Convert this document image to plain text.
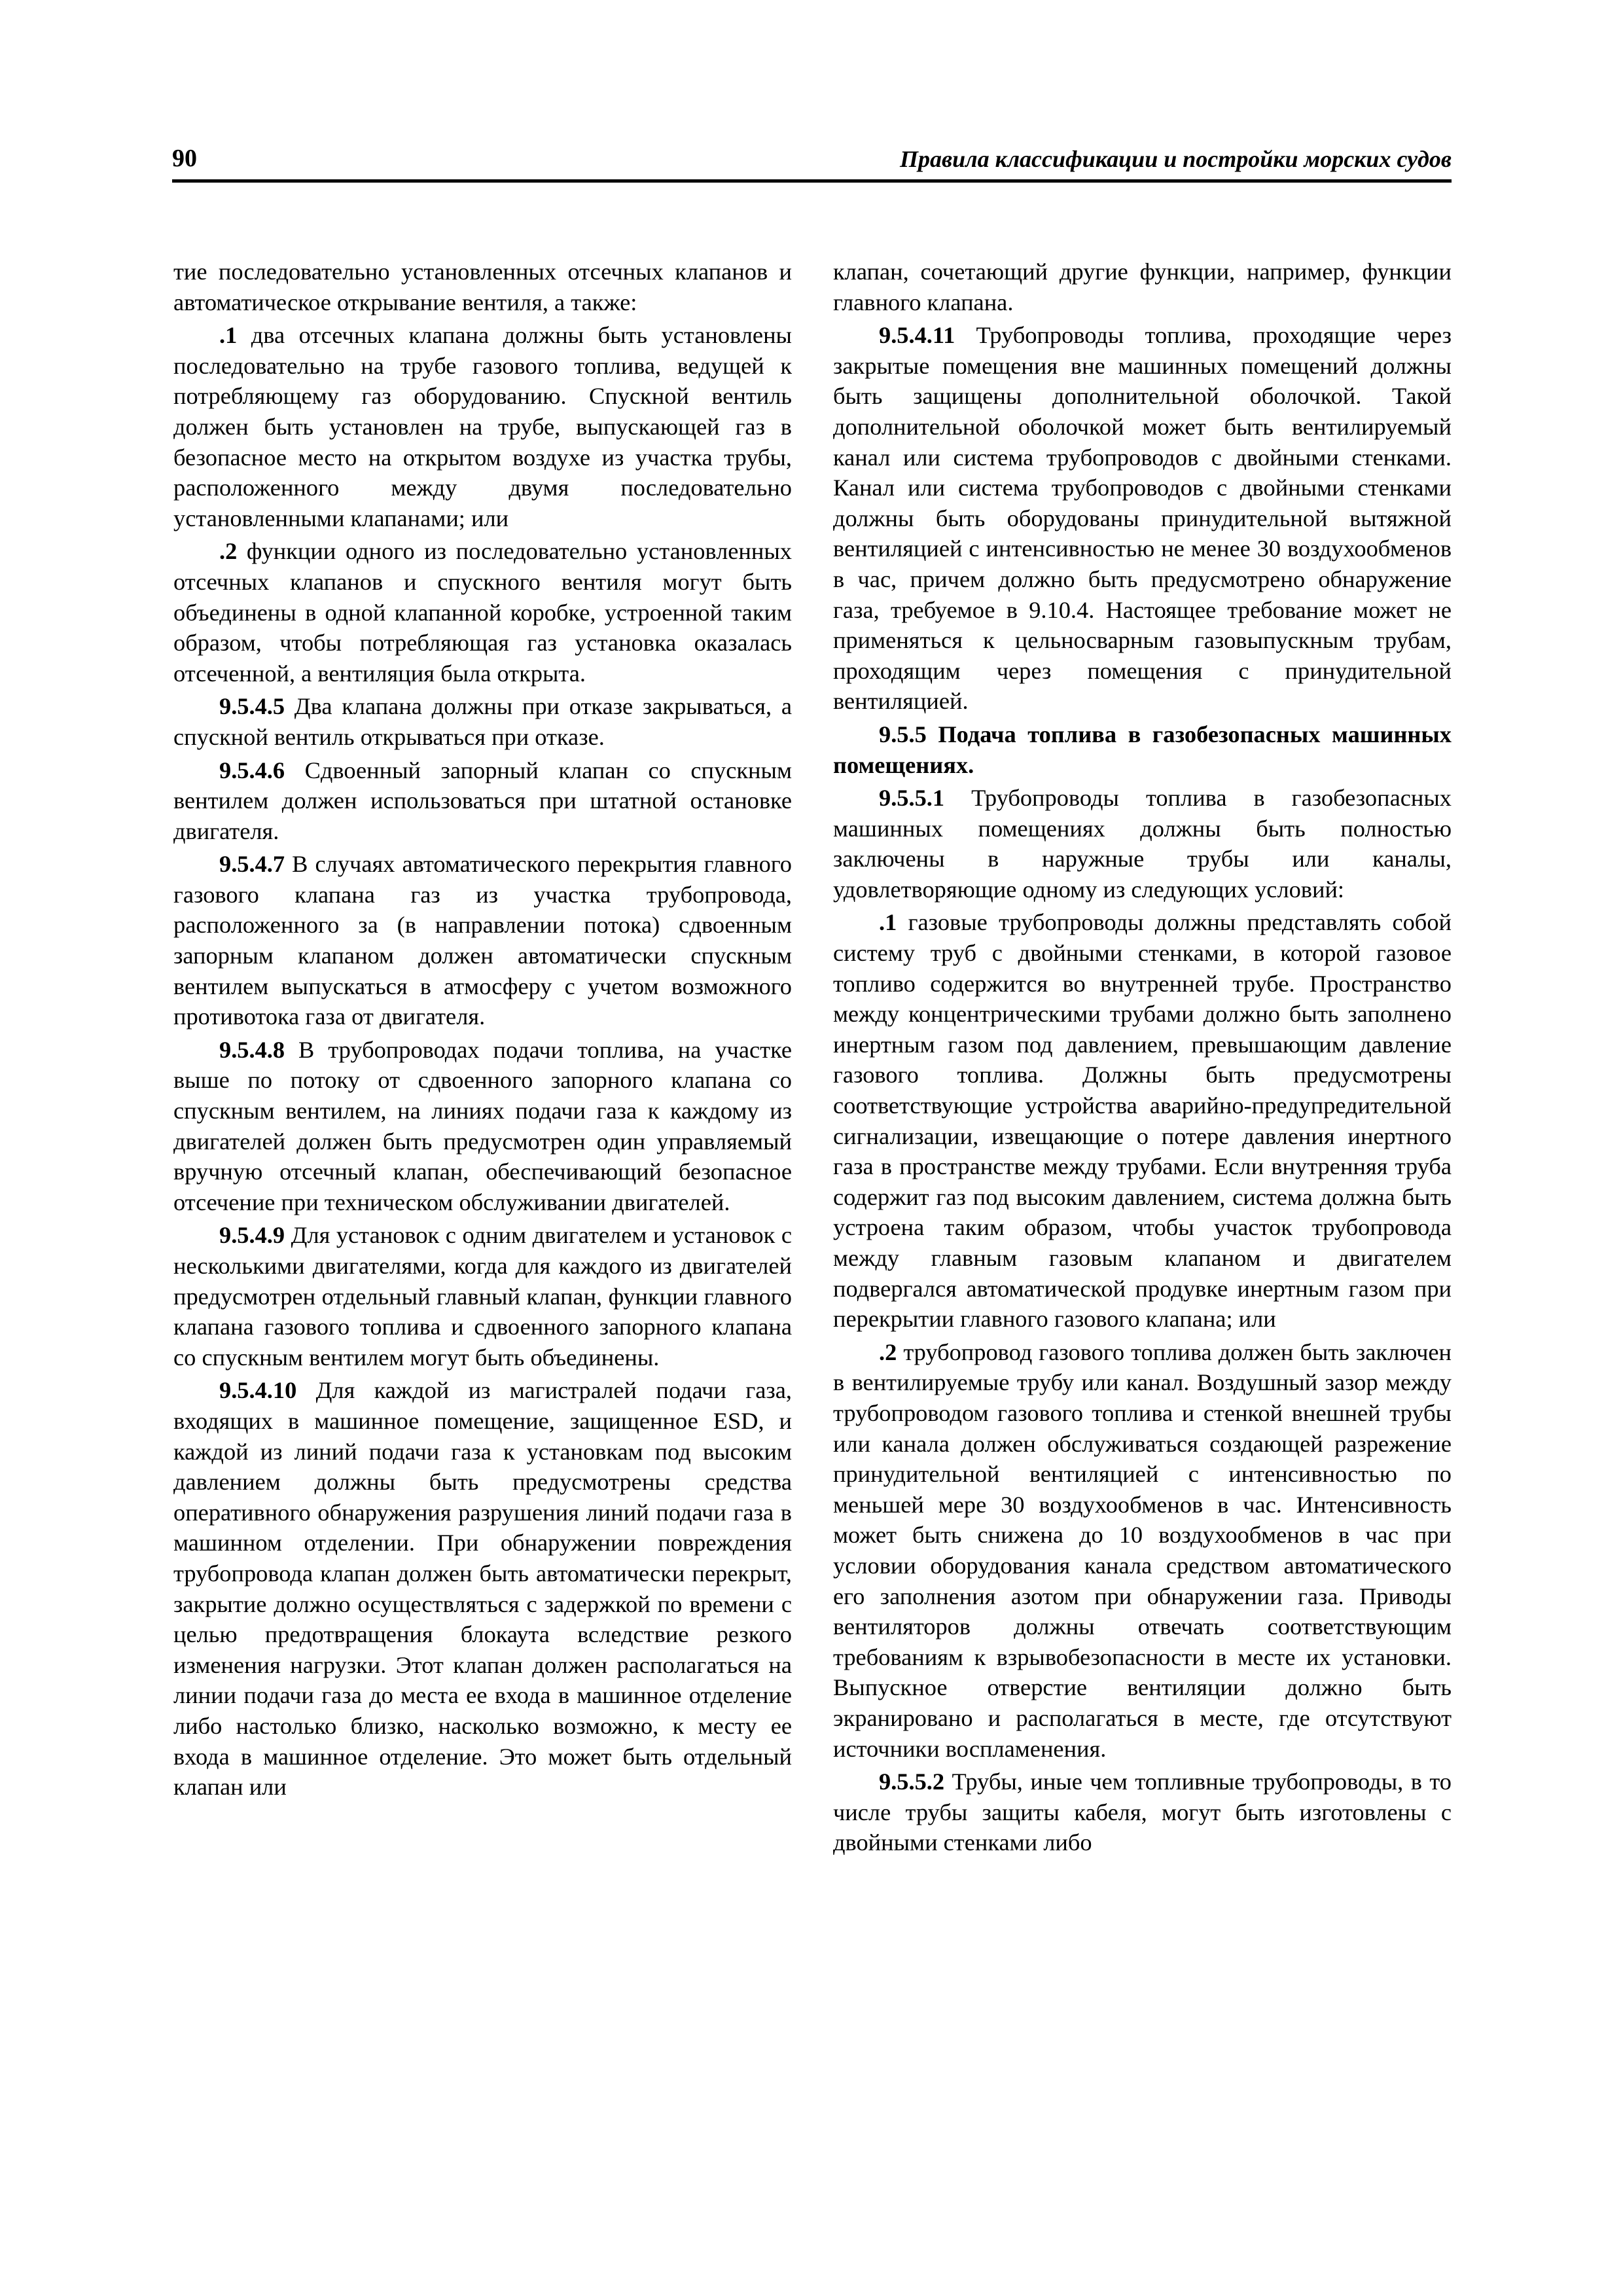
90	Правила классификации и постройки морских судов

тие последовательно установленных отсечных клапанов и автоматическое открывание вентиля, а также:

.1 два отсечных клапана должны быть установлены последовательно на трубе газового топлива, ведущей к потребляющему газ оборудованию. Спускной вентиль должен быть установлен на трубе, выпускающей газ в безопасное место на открытом воздухе из участка трубы, расположенного между двумя последовательно установленными клапанами; или

.2 функции одного из последовательно установленных отсечных клапанов и спускного вентиля могут быть объединены в одной клапанной коробке, устроенной таким образом, чтобы потребляющая газ установка оказалась отсеченной, а вентиляция была открыта.

9.5.4.5 Два клапана должны при отказе закрываться, а спускной вентиль открываться при отказе.

9.5.4.6 Сдвоенный запорный клапан со спускным вентилем должен использоваться при штатной остановке двигателя.

9.5.4.7 В случаях автоматического перекрытия главного газового клапана газ из участка трубопровода, расположенного за (в направлении потока) сдвоенным запорным клапаном должен автоматически спускным вентилем выпускаться в атмосферу с учетом возможного противотока газа от двигателя.

9.5.4.8 В трубопроводах подачи топлива, на участке выше по потоку от сдвоенного запорного клапана со спускным вентилем, на линиях подачи газа к каждому из двигателей должен быть предусмотрен один управляемый вручную отсечный клапан, обеспечивающий безопасное отсечение при техническом обслуживании двигателей.

9.5.4.9 Для установок с одним двигателем и установок с несколькими двигателями, когда для каждого из двигателей предусмотрен отдельный главный клапан, функции главного клапана газового топлива и сдвоенного запорного клапана со спускным вентилем могут быть объединены.

9.5.4.10 Для каждой из магистралей подачи газа, входящих в машинное помещение, защищенное ESD, и каждой из линий подачи газа к установкам под высоким давлением должны быть предусмотрены средства оперативного обнаружения разрушения линий подачи газа в машинном отделении. При обнаружении повреждения трубопровода клапан должен быть автоматически перекрыт, закрытие должно осуществляться с задержкой по времени с целью предотвращения блокаута вследствие резкого изменения нагрузки. Этот клапан должен располагаться на линии подачи газа до места ее входа в машинное отделение либо настолько близко, насколько возможно, к месту ее входа в машинное отделение. Это может быть отдельный клапан или

клапан, сочетающий другие функции, например, функции главного клапана.

9.5.4.11 Трубопроводы топлива, проходящие через закрытые помещения вне машинных помещений должны быть защищены дополнительной оболочкой. Такой дополнительной оболочкой может быть вентилируемый канал или система трубопроводов с двойными стенками. Канал или система трубопроводов с двойными стенками должны быть оборудованы принудительной вытяжной вентиляцией с интенсивностью не менее 30 воздухообменов в час, причем должно быть предусмотрено обнаружение газа, требуемое в 9.10.4. Настоящее требование может не применяться к цельносварным газовыпускным трубам, проходящим через помещения с принудительной вентиляцией.

9.5.5 Подача топлива в газобезопасных машинных помещениях.

9.5.5.1 Трубопроводы топлива в газобезопасных машинных помещениях должны быть полностью заключены в наружные трубы или каналы, удовлетворяющие одному из следующих условий:

.1 газовые трубопроводы должны представлять собой систему труб с двойными стенками, в которой газовое топливо содержится во внутренней трубе. Пространство между концентрическими трубами должно быть заполнено инертным газом под давлением, превышающим давление газового топлива. Должны быть предусмотрены соответствующие устройства аварийно-предупредительной сигнализации, извещающие о потере давления инертного газа в пространстве между трубами. Если внутренняя труба содержит газ под высоким давлением, система должна быть устроена таким образом, чтобы участок трубопровода между главным газовым клапаном и двигателем подвергался автоматической продувке инертным газом при перекрытии главного газового клапана; или

.2 трубопровод газового топлива должен быть заключен в вентилируемые трубу или канал. Воздушный зазор между трубопроводом газового топлива и стенкой внешней трубы или канала должен обслуживаться создающей разрежение принудительной вентиляцией с интенсивностью по меньшей мере 30 воздухообменов в час. Интенсивность может быть снижена до 10 воздухообменов в час при условии оборудования канала средством автоматического его заполнения азотом при обнаружении газа. Приводы вентиляторов должны отвечать соответствующим требованиям к взрывобезопасности в месте их установки. Выпускное отверстие вентиляции должно быть экранировано и располагаться в месте, где отсутствуют источники воспламенения.

9.5.5.2 Трубы, иные чем топливные трубопроводы, в то числе трубы защиты кабеля, могут быть изготовлены с двойными стенками либо
